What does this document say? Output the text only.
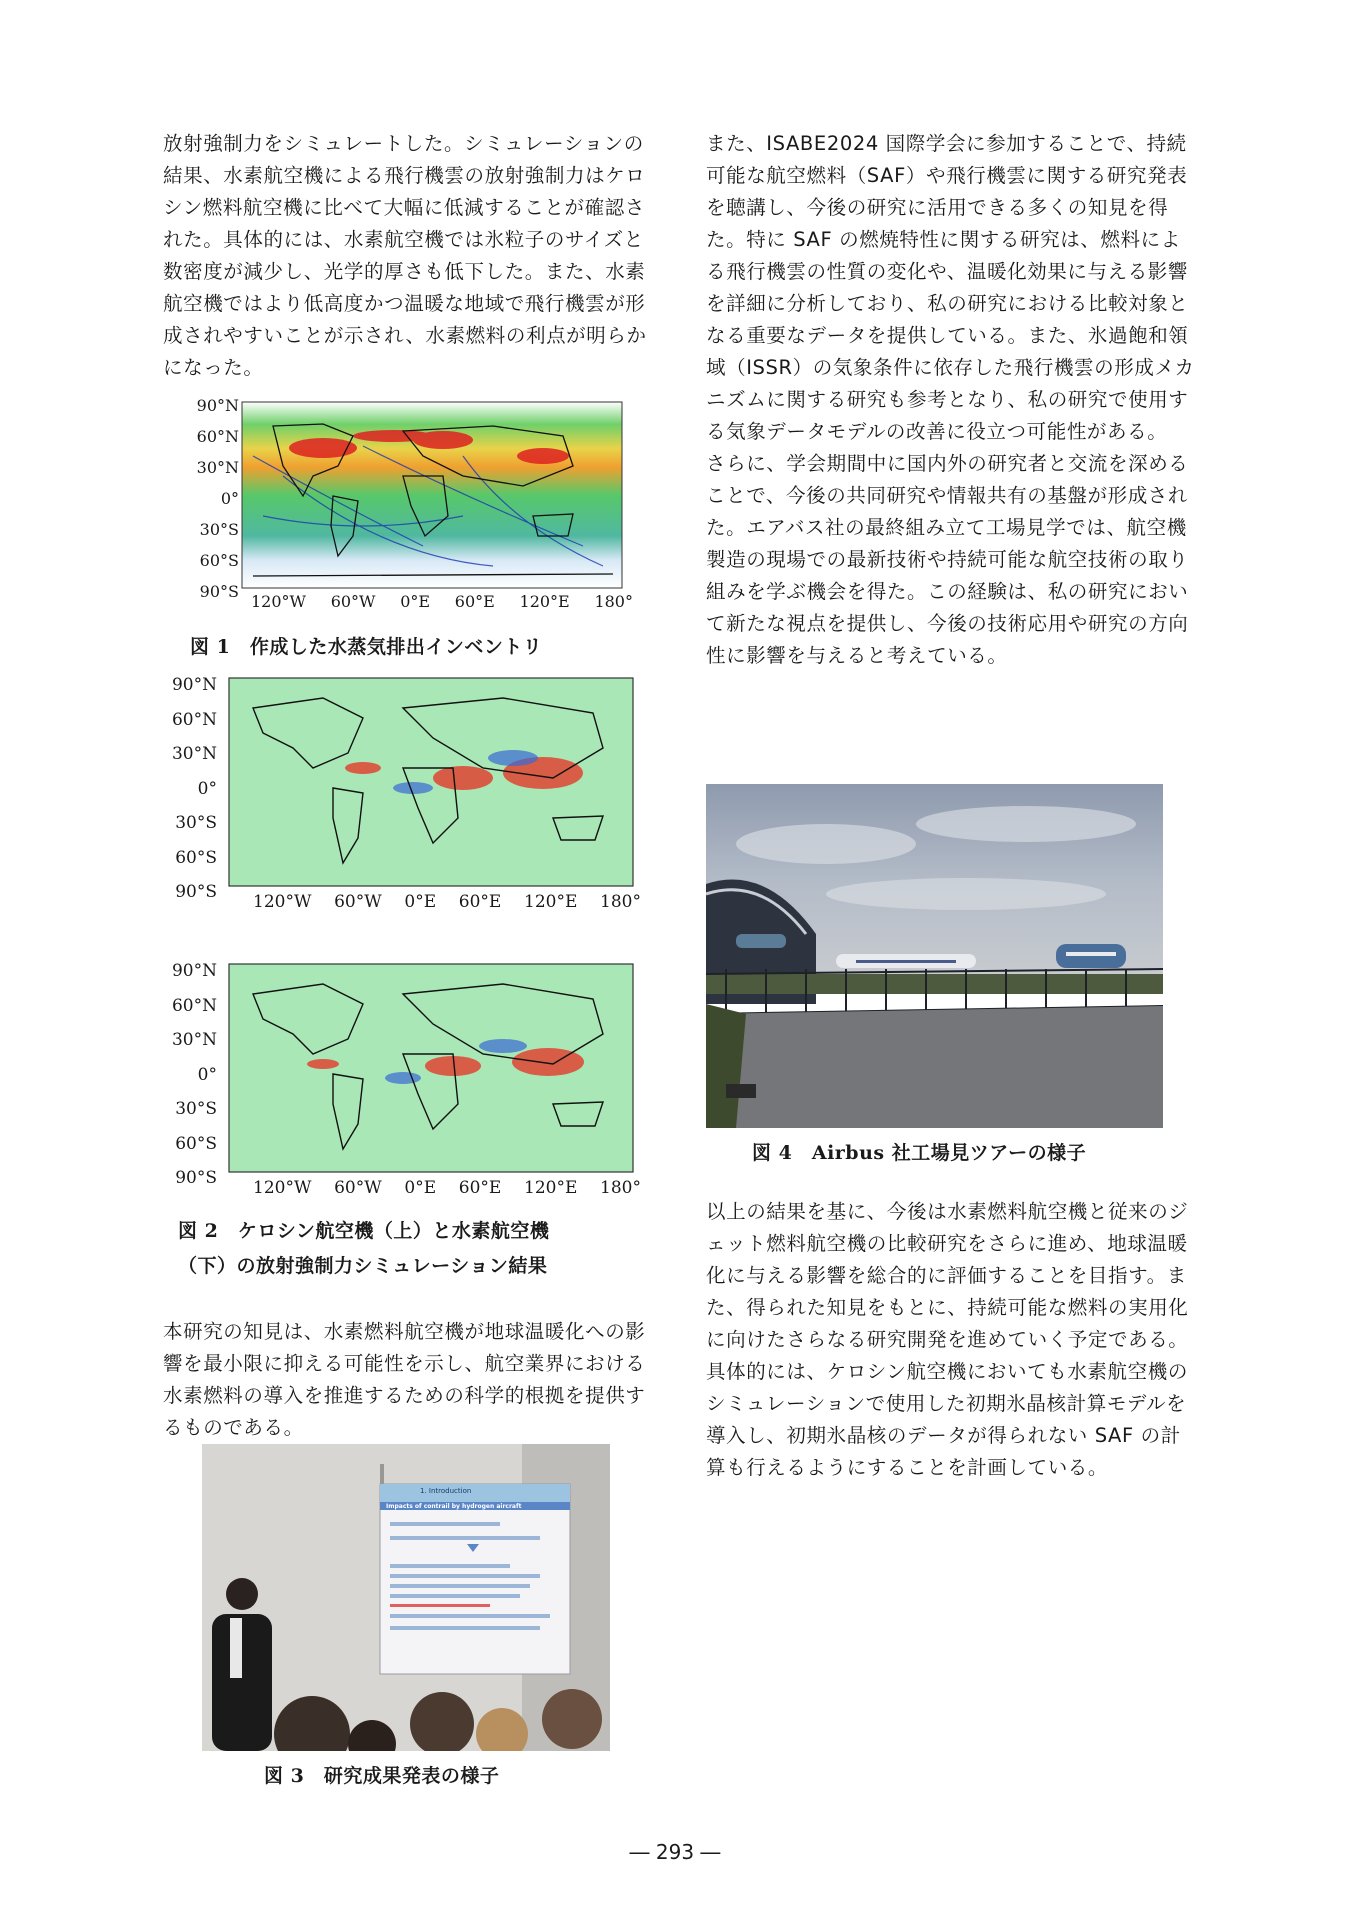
放射強制力をシミュレートした。シミュレーションの結果、水素航空機による飛行機雲の放射強制力はケロシン燃料航空機に比べて大幅に低減することが確認された。具体的には、水素航空機では氷粒子のサイズと数密度が減少し、光学的厚さも低下した。また、水素航空機ではより低高度かつ温暖な地域で飛行機雲が形成されやすいことが示され、水素燃料の利点が明らかになった。

90°N
60°N
30°N
0°
30°S
60°S
90°S
120°W 60°W 0°E 60°E 120°E 180°
図 1　作成した水蒸気排出インベントリ
90°N
60°N
30°N
0°
30°S
60°S
90°S 120°W 60°W 0°E 60°E 120°E 180°
90°N
60°N
30°N
0°
30°S
60°S
90°S 120°W 60°W 0°E 60°E 120°E 180°
図 2　ケロシン航空機（上）と水素航空機
（下）の放射強制力シミュレーション結果

本研究の知見は、水素燃料航空機が地球温暖化への影響を最小限に抑える可能性を示し、航空業界における水素燃料の導入を推進するための科学的根拠を提供するものである。

1. Introduction
Impacts of contrail by hydrogen aircraft
図 3　研究成果発表の様子

また、ISABE2024 国際学会に参加することで、持続可能な航空燃料（SAF）や飛行機雲に関する研究発表を聴講し、今後の研究に活用できる多くの知見を得た。特に SAF の燃焼特性に関する研究は、燃料による飛行機雲の性質の変化や、温暖化効果に与える影響を詳細に分析しており、私の研究における比較対象となる重要なデータを提供している。また、氷過飽和領域（ISSR）の気象条件に依存した飛行機雲の形成メカニズムに関する研究も参考となり、私の研究で使用する気象データモデルの改善に役立つ可能性がある。

さらに、学会期間中に国内外の研究者と交流を深めることで、今後の共同研究や情報共有の基盤が形成された。エアバス社の最終組み立て工場見学では、航空機製造の現場での最新技術や持続可能な航空技術の取り組みを学ぶ機会を得た。この経験は、私の研究において新たな視点を提供し、今後の技術応用や研究の方向性に影響を与えると考えている。

図 4　Airbus 社工場見ツアーの様子

以上の結果を基に、今後は水素燃料航空機と従来のジェット燃料航空機の比較研究をさらに進め、地球温暖化に与える影響を総合的に評価することを目指す。また、得られた知見をもとに、持続可能な燃料の実用化に向けたさらなる研究開発を進めていく予定である。具体的には、ケロシン航空機においても水素航空機のシミュレーションで使用した初期氷晶核計算モデルを導入し、初期氷晶核のデータが得られない SAF の計算も行えるようにすることを計画している。

― 293 ―
